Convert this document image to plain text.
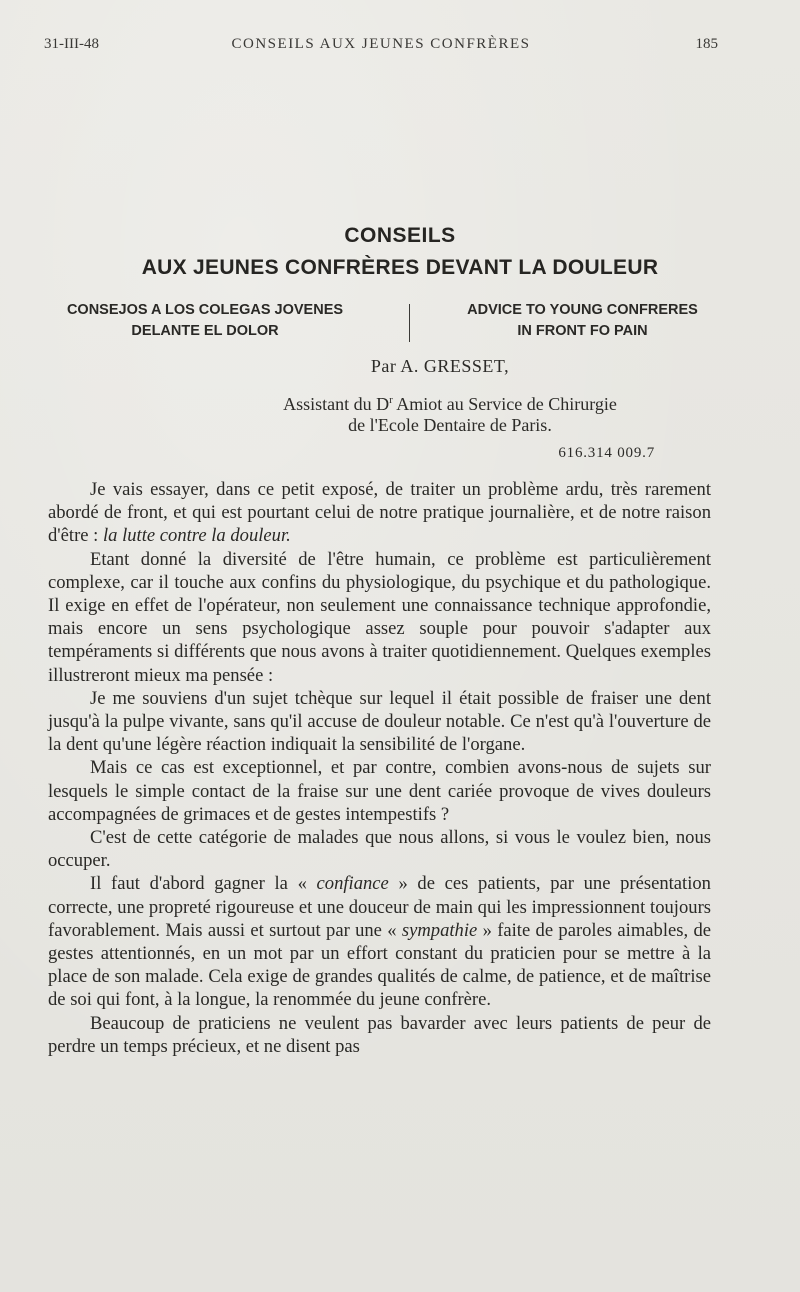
31-III-48	CONSEILS AUX JEUNES CONFRÈRES	185
CONSEILS
AUX JEUNES CONFRÈRES DEVANT LA DOULEUR
CONSEJOS A LOS COLEGAS JOVENES
DELANTE EL DOLOR
ADVICE TO YOUNG CONFRERES
IN FRONT FO PAIN
Par A. GRESSET,
Assistant du $D^r$ Amiot au Service de Chirurgie
de l'Ecole Dentaire de Paris.
616.314 009.7

Je vais essayer, dans ce petit exposé, de traiter un problème ardu, très rarement abordé de front, et qui est pourtant celui de notre pratique journalière, et de notre raison d'être : la lutte contre la douleur.

Etant donné la diversité de l'être humain, ce problème est particulièrement complexe, car il touche aux confins du physiologique, du psychique et du pathologique. Il exige en effet de l'opérateur, non seulement une connaissance technique approfondie, mais encore un sens psychologique assez souple pour pouvoir s'adapter aux tempéraments si différents que nous avons à traiter quotidiennement. Quelques exemples illustreront mieux ma pensée :

Je me souviens d'un sujet tchèque sur lequel il était possible de fraiser une dent jusqu'à la pulpe vivante, sans qu'il accuse de douleur notable. Ce n'est qu'à l'ouverture de la dent qu'une légère réaction indiquait la sensibilité de l'organe.

Mais ce cas est exceptionnel, et par contre, combien avons-nous de sujets sur lesquels le simple contact de la fraise sur une dent cariée provoque de vives douleurs accompagnées de grimaces et de gestes intempestifs ?

C'est de cette catégorie de malades que nous allons, si vous le voulez bien, nous occuper.

Il faut d'abord gagner la « confiance » de ces patients, par une présentation correcte, une propreté rigoureuse et une douceur de main qui les impressionnent toujours favorablement. Mais aussi et surtout par une « sympathie » faite de paroles aimables, de gestes attentionnés, en un mot par un effort constant du praticien pour se mettre à la place de son malade. Cela exige de grandes qualités de calme, de patience, et de maîtrise de soi qui font, à la longue, la renommée du jeune confrère.

Beaucoup de praticiens ne veulent pas bavarder avec leurs patients de peur de perdre un temps précieux, et ne disent pas
